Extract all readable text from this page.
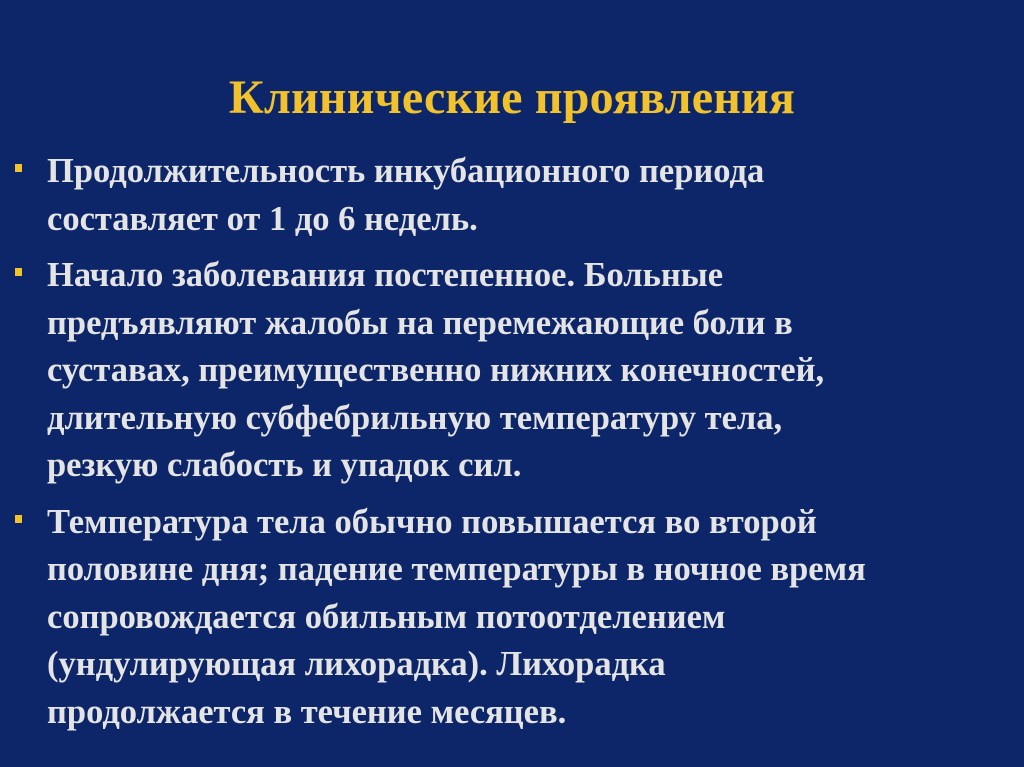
Клинические проявления
Продолжительность инкубационного периода
составляет от 1 до 6 недель.
Начало заболевания постепенное. Больные
предъявляют жалобы на перемежающие боли в
суставах, преимущественно нижних конечностей,
длительную субфебрильную температуру тела,
резкую слабость и упадок сил.
Температура тела обычно повышается во второй
половине дня; падение температуры в ночное время
сопровождается обильным потоотделением
(ундулирующая лихорадка). Лихорадка
продолжается в течение месяцев.
